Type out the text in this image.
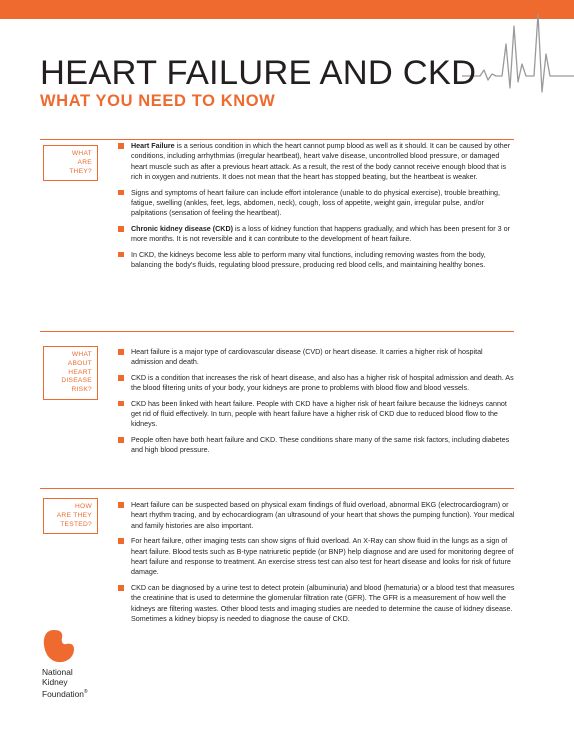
HEART FAILURE AND CKD
WHAT YOU NEED TO KNOW
WHAT
ARE
THEY?
Heart Failure is a serious condition in which the heart cannot pump blood as well as it should. It can be caused by other conditions, including arrhythmias (irregular heartbeat), heart valve disease, uncontrolled blood pressure, or damaged heart muscle such as after a previous heart attack. As a result, the rest of the body cannot receive enough blood that is rich in oxygen and nutrients. It does not mean that the heart has stopped beating, but the heartbeat is weaker.
Signs and symptoms of heart failure can include effort intolerance (unable to do physical exercise), trouble breathing, fatigue, swelling (ankles, feet, legs, abdomen, neck), cough, loss of appetite, weight gain, irregular pulse, and/or palpitations (sensation of feeling the heartbeat).
Chronic kidney disease (CKD) is a loss of kidney function that happens gradually, and which has been present for 3 or more months. It is not reversible and it can contribute to the development of heart failure.
In CKD, the kidneys become less able to perform many vital functions, including removing wastes from the body, balancing the body's fluids, regulating blood pressure, producing red blood cells, and maintaining healthy bones.
WHAT
ABOUT
HEART
DISEASE
RISK?
Heart failure is a major type of cardiovascular disease (CVD) or heart disease. It carries a higher risk of hospital admission and death.
CKD is a condition that increases the risk of heart disease, and also has a higher risk of hospital admission and death. As the blood filtering units of your body, your kidneys are prone to problems with blood flow and blood vessels.
CKD has been linked with heart failure. People with CKD have a higher risk of heart failure because the kidneys cannot get rid of fluid effectively. In turn, people with heart failure have a higher risk of CKD due to reduced blood flow to the kidneys.
People often have both heart failure and CKD. These conditions share many of the same risk factors, including diabetes and high blood pressure.
HOW
ARE THEY
TESTED?
Heart failure can be suspected based on physical exam findings of fluid overload, abnormal EKG (electrocardiogram) or heart rhythm tracing, and by echocardiogram (an ultrasound of your heart that shows the pumping function). Your medical and family histories are also important.
For heart failure, other imaging tests can show signs of fluid overload. An X-Ray can show fluid in the lungs as a sign of heart failure. Blood tests such as B-type natriuretic peptide (or BNP) help diagnose and are used for monitoring degree of heart failure and response to treatment. An exercise stress test can also test for heart disease and looks for risk of future damage.
CKD can be diagnosed by a urine test to detect protein (albuminuria) and blood (hematuria) or a blood test that measures the creatinine that is used to determine the glomerular filtration rate (GFR). The GFR is a measurement of how well the kidneys are filtering wastes. Other blood tests and imaging studies are needed to determine the cause of kidney disease. Sometimes a kidney biopsy is needed to diagnose the cause of CKD.
National
Kidney
Foundation®
